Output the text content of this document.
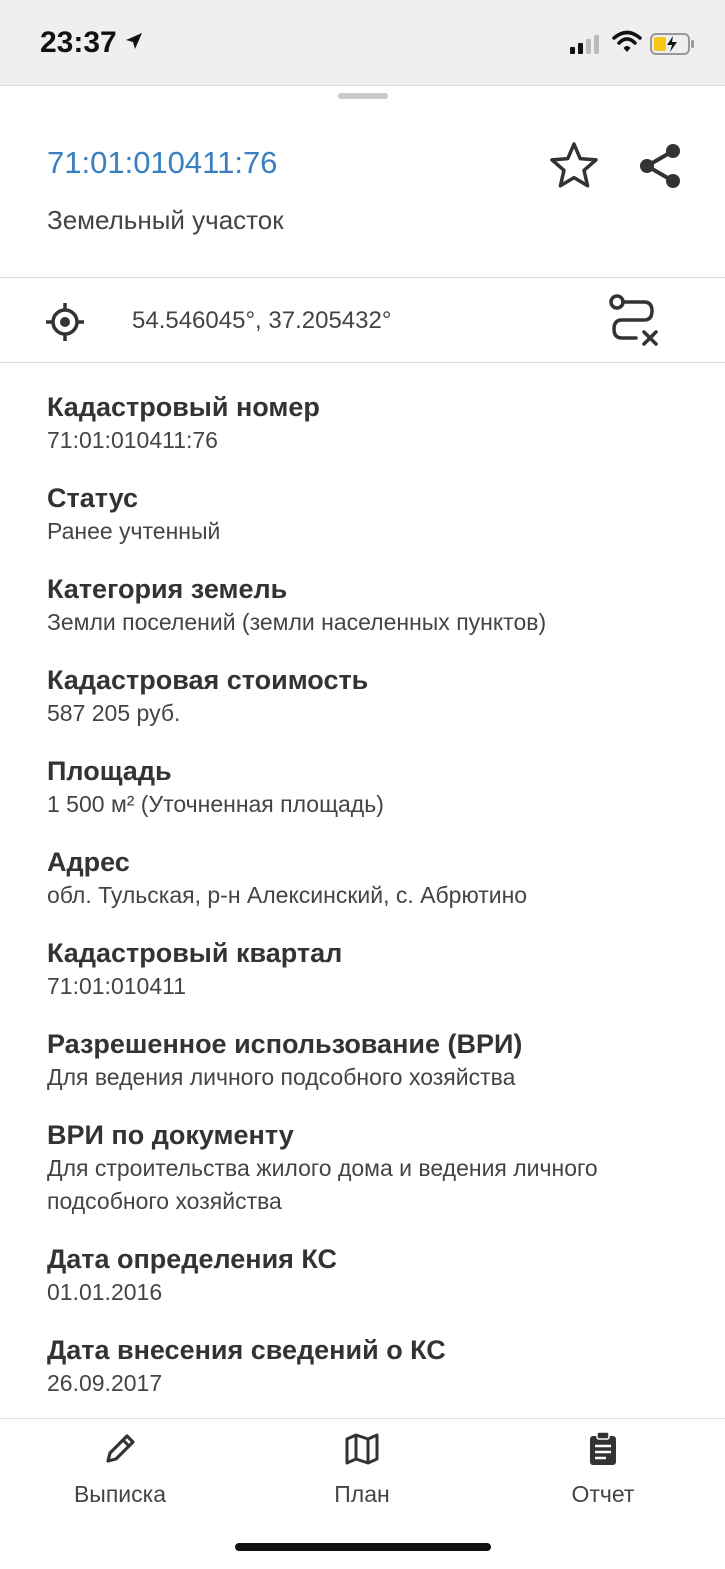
23:37
71:01:010411:76
Земельный участок
54.546045°, 37.205432°
Кадастровый номер
71:01:010411:76
Статус
Ранее учтенный
Категория земель
Земли поселений (земли населенных пунктов)
Кадастровая стоимость
587 205 руб.
Площадь
1 500 м² (Уточненная площадь)
Адрес
обл. Тульская, р-н Алексинский, с. Абрютино
Кадастровый квартал
71:01:010411
Разрешенное использование (ВРИ)
Для ведения личного подсобного хозяйства
ВРИ по документу
Для строительства жилого дома и ведения личного подсобного хозяйства
Дата определения КС
01.01.2016
Дата внесения сведений о КС
26.09.2017
Выписка	План	Отчет
